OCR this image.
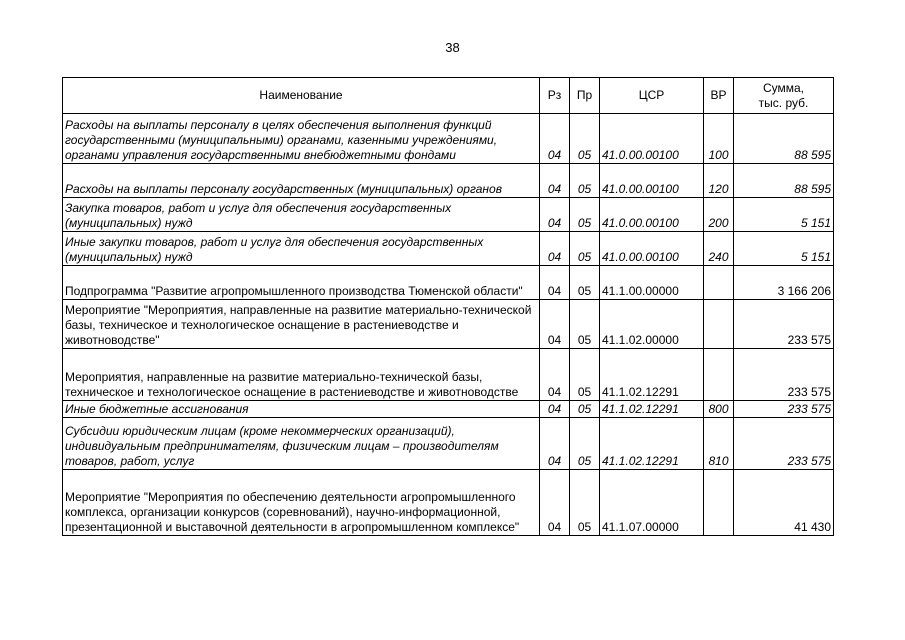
38
Наименование	Рз	Пр	ЦСР	ВР	Сумма,
тыс. руб.
Расходы на выплаты персоналу в целях обеспечения выполнения функций государственными (муниципальными) органами, казенными учреждениями, органами управления государственными внебюджетными фондами	04	05	41.0.00.00100	100	88 595
Расходы на выплаты персоналу государственных (муниципальных) органов	04	05	41.0.00.00100	120	88 595
Закупка товаров, работ и услуг для обеспечения государственных (муниципальных) нужд	04	05	41.0.00.00100	200	5 151
Иные закупки товаров, работ и услуг для обеспечения государственных (муниципальных) нужд	04	05	41.0.00.00100	240	5 151
Подпрограмма "Развитие агропромышленного производства Тюменской области"	04	05	41.1.00.00000		3 166 206
Мероприятие "Мероприятия, направленные на развитие материально-технической базы, техническое и технологическое оснащение в растениеводстве и животноводстве"	04	05	41.1.02.00000		233 575
Мероприятия, направленные на развитие материально-технической базы, техническое и технологическое оснащение в растениеводстве и животноводстве	04	05	41.1.02.12291		233 575
Иные бюджетные ассигнования	04	05	41.1.02.12291	800	233 575
Субсидии юридическим лицам (кроме некоммерческих организаций), индивидуальным предпринимателям, физическим лицам – производителям товаров, работ, услуг	04	05	41.1.02.12291	810	233 575
Мероприятие "Мероприятия по обеспечению деятельности агропромышленного комплекса, организации конкурсов (соревнований), научно-информационной, презентационной и выставочной деятельности в агропромышленном комплексе"	04	05	41.1.07.00000		41 430
